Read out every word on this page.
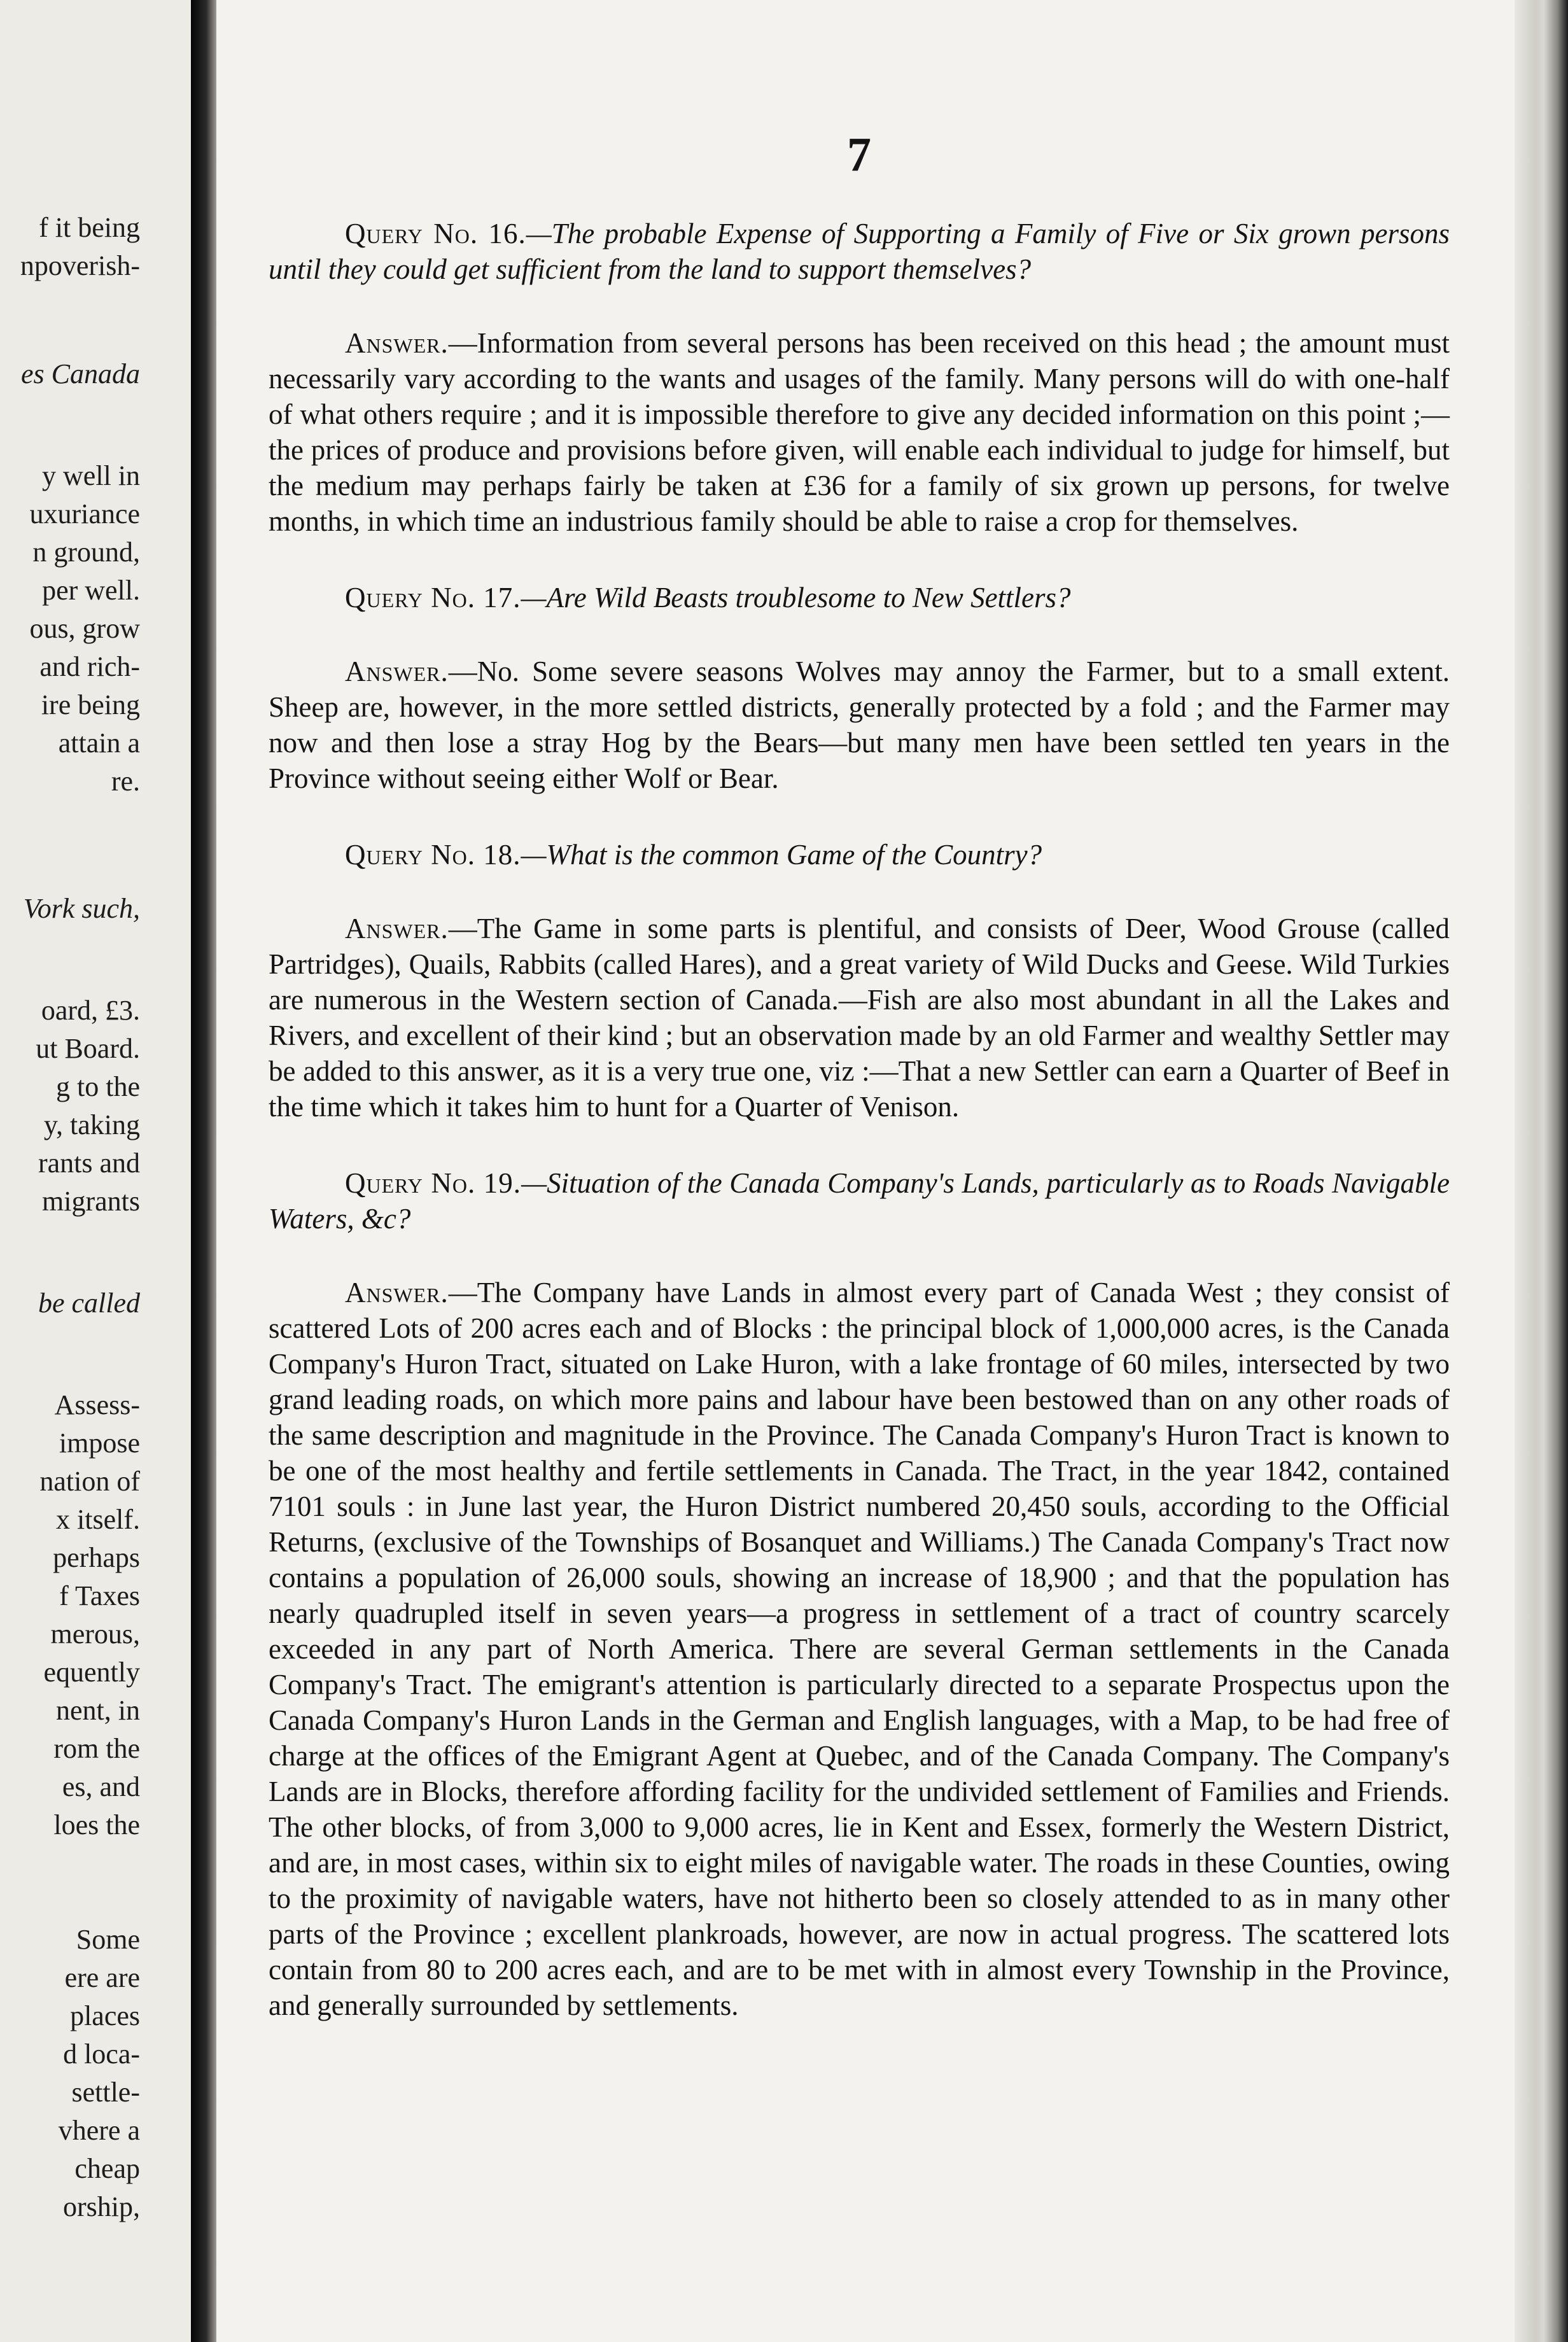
f it being
npoverish-
es Canada
y well in
uxuriance
n ground,
per well.
ous, grow
and rich-
ire being
attain a
re.
Vork such,
oard, £3.
ut Board.
g to the
y, taking
rants and
migrants
be called
Assess-
impose
nation of
x itself.
perhaps
f Taxes
merous,
equently
nent, in
rom the
es, and
loes the
Some
ere are
places
d loca-
settle-
vhere a
cheap
orship,
7

Query No. 16.—The probable Expense of Supporting a Family of Five or Six grown persons until they could get sufficient from the land to support themselves?

Answer.—Information from several persons has been received on this head ; the amount must necessarily vary according to the wants and usages of the family. Many persons will do with one-half of what others require ; and it is impossible therefore to give any decided information on this point ;—the prices of produce and provisions before given, will enable each individual to judge for himself, but the medium may perhaps fairly be taken at £36 for a family of six grown up persons, for twelve months, in which time an industrious family should be able to raise a crop for themselves.

Query No. 17.—Are Wild Beasts troublesome to New Settlers?

Answer.—No. Some severe seasons Wolves may annoy the Farmer, but to a small extent. Sheep are, however, in the more settled districts, generally protected by a fold ; and the Farmer may now and then lose a stray Hog by the Bears—but many men have been settled ten years in the Province without seeing either Wolf or Bear.

Query No. 18.—What is the common Game of the Country?

Answer.—The Game in some parts is plentiful, and consists of Deer, Wood Grouse (called Partridges), Quails, Rabbits (called Hares), and a great variety of Wild Ducks and Geese. Wild Turkies are numerous in the Western section of Canada.—Fish are also most abundant in all the Lakes and Rivers, and excellent of their kind ; but an observation made by an old Farmer and wealthy Settler may be added to this answer, as it is a very true one, viz :—That a new Settler can earn a Quarter of Beef in the time which it takes him to hunt for a Quarter of Venison.

Query No. 19.—Situation of the Canada Company's Lands, particularly as to Roads Navigable Waters, &c?

Answer.—The Company have Lands in almost every part of Canada West ; they consist of scattered Lots of 200 acres each and of Blocks : the principal block of 1,000,000 acres, is the Canada Company's Huron Tract, situated on Lake Huron, with a lake frontage of 60 miles, intersected by two grand leading roads, on which more pains and labour have been bestowed than on any other roads of the same description and magnitude in the Province. The Canada Company's Huron Tract is known to be one of the most healthy and fertile settlements in Canada. The Tract, in the year 1842, contained 7101 souls : in June last year, the Huron District numbered 20,450 souls, according to the Official Returns, (exclusive of the Townships of Bosanquet and Williams.) The Canada Company's Tract now contains a population of 26,000 souls, showing an increase of 18,900 ; and that the population has nearly quadrupled itself in seven years—a progress in settlement of a tract of country scarcely exceeded in any part of North America. There are several German settlements in the Canada Company's Tract. The emigrant's attention is particularly directed to a separate Prospectus upon the Canada Company's Huron Lands in the German and English languages, with a Map, to be had free of charge at the offices of the Emigrant Agent at Quebec, and of the Canada Company. The Company's Lands are in Blocks, therefore affording facility for the undivided settlement of Families and Friends. The other blocks, of from 3,000 to 9,000 acres, lie in Kent and Essex, formerly the Western District, and are, in most cases, within six to eight miles of navigable water. The roads in these Counties, owing to the proximity of navigable waters, have not hitherto been so closely attended to as in many other parts of the Province ; excellent plankroads, however, are now in actual progress. The scattered lots contain from 80 to 200 acres each, and are to be met with in almost every Township in the Province, and generally surrounded by settlements.
